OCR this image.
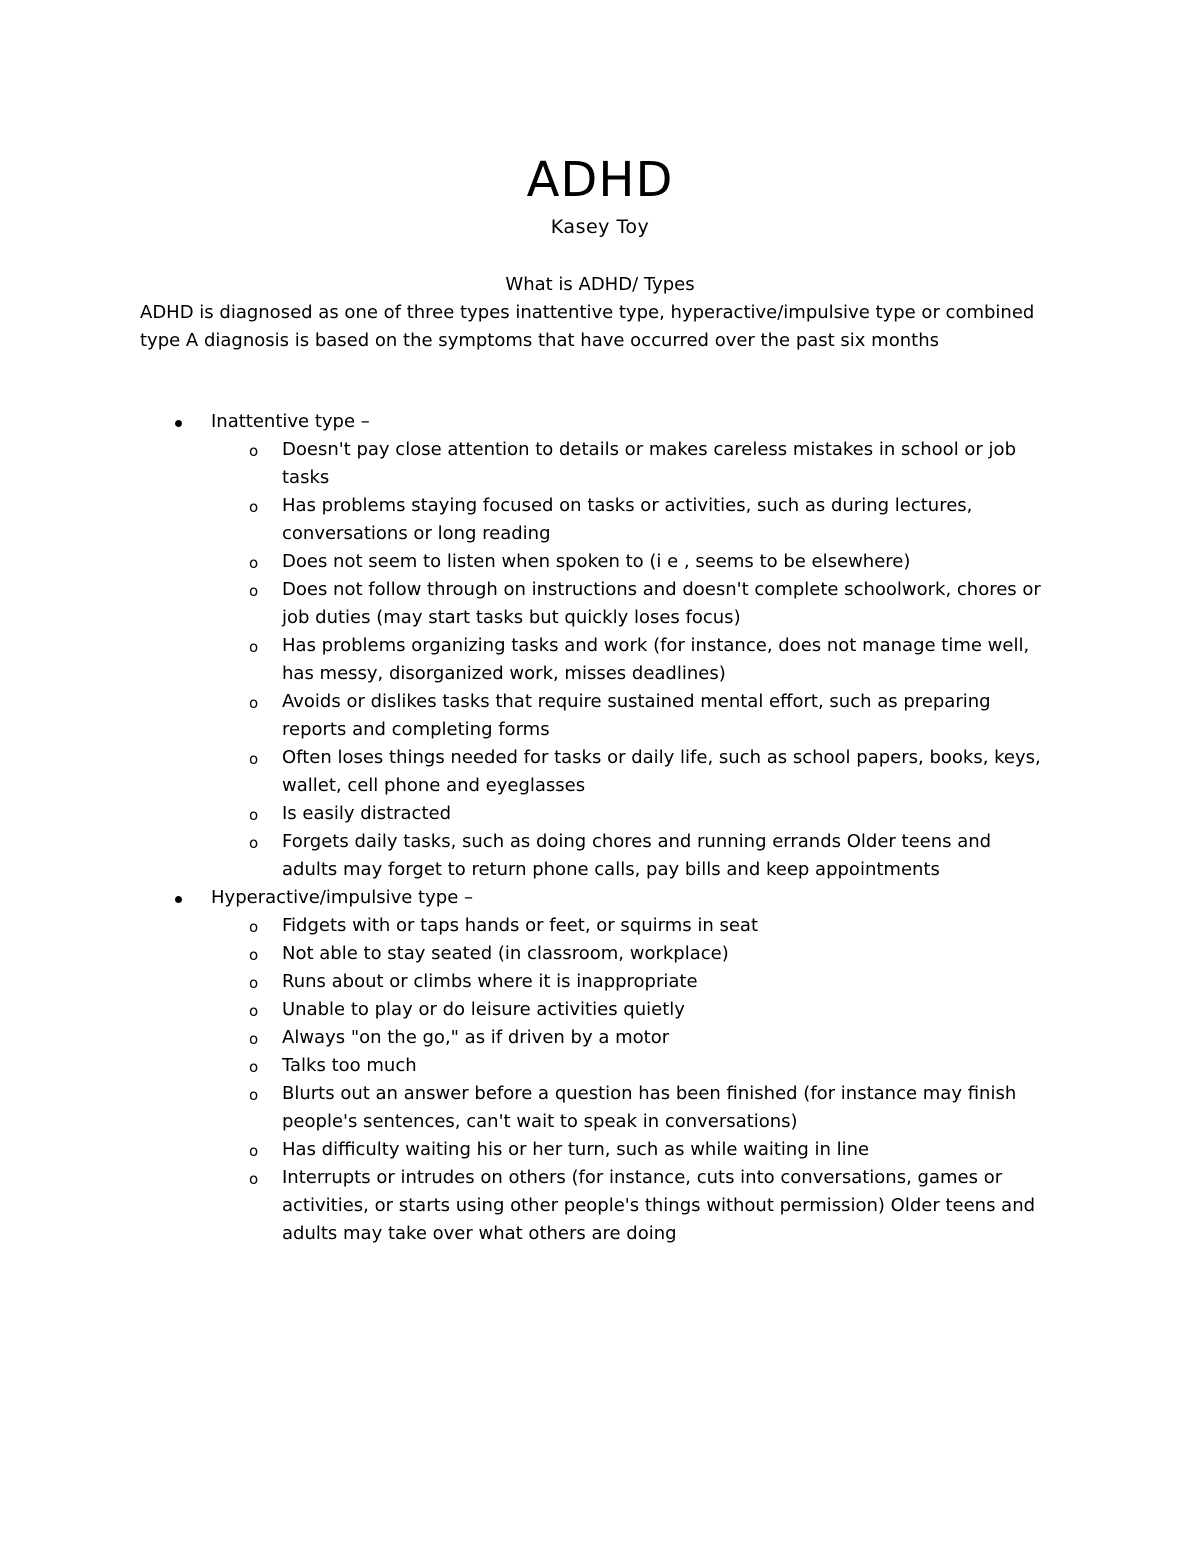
ADHD
Kasey Toy
What is ADHD/ Types

ADHD is diagnosed as one of three types inattentive type, hyperactive/impulsive type or combined type A diagnosis is based on the symptoms that have occurred over the past six months

Inattentive type –
o Doesn't pay close attention to details or makes careless mistakes in school or job tasks
o Has problems staying focused on tasks or activities, such as during lectures, conversations or long reading
o Does not seem to listen when spoken to (i e , seems to be elsewhere)
o Does not follow through on instructions and doesn't complete schoolwork, chores or job duties (may start tasks but quickly loses focus)
o Has problems organizing tasks and work (for instance, does not manage time well, has messy, disorganized work, misses deadlines)
o Avoids or dislikes tasks that require sustained mental effort, such as preparing reports and completing forms
o Often loses things needed for tasks or daily life, such as school papers, books, keys, wallet, cell phone and eyeglasses
o Is easily distracted
o Forgets daily tasks, such as doing chores and running errands Older teens and adults may forget to return phone calls, pay bills and keep appointments
Hyperactive/impulsive type –
o Fidgets with or taps hands or feet, or squirms in seat
o Not able to stay seated (in classroom, workplace)
o Runs about or climbs where it is inappropriate
o Unable to play or do leisure activities quietly
o Always "on the go," as if driven by a motor
o Talks too much
o Blurts out an answer before a question has been finished (for instance may finish people's sentences, can't wait to speak in conversations)
o Has difficulty waiting his or her turn, such as while waiting in line
o Interrupts or intrudes on others (for instance, cuts into conversations, games or activities, or starts using other people's things without permission) Older teens and adults may take over what others are doing
